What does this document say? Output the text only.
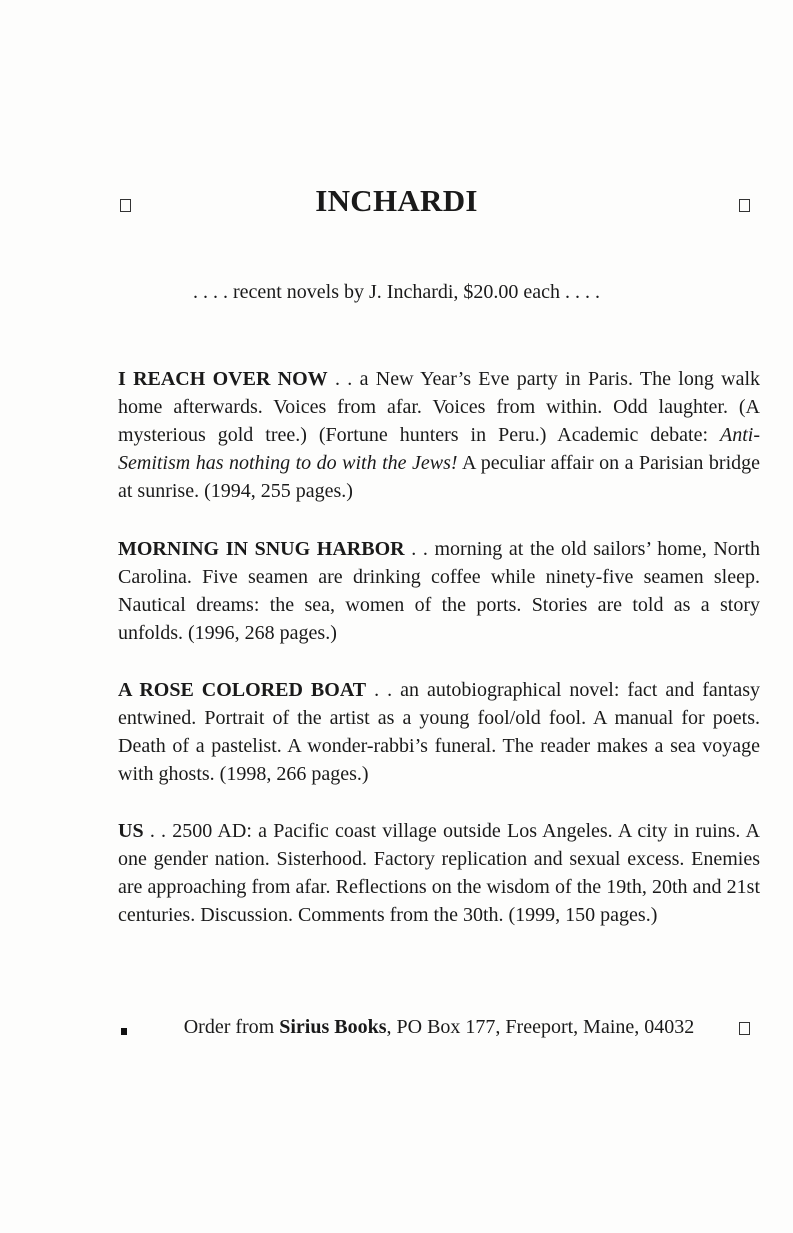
INCHARDI

. . . . recent novels by J. Inchardi, $20.00 each . . . .

I REACH OVER NOW . . a New Year’s Eve party in Paris. The long walk home afterwards. Voices from afar. Voices from within. Odd laughter. (A mysterious gold tree.) (Fortune hunters in Peru.) Academic debate: Anti-Semitism has nothing to do with the Jews! A peculiar affair on a Parisian bridge at sunrise. (1994, 255 pages.)

MORNING IN SNUG HARBOR . . morning at the old sailors’ home, North Carolina. Five seamen are drinking coffee while ninety-five seamen sleep. Nautical dreams: the sea, women of the ports. Stories are told as a story unfolds. (1996, 268 pages.)

A ROSE COLORED BOAT . . an autobiographical novel: fact and fantasy entwined. Portrait of the artist as a young fool/old fool. A manual for poets. Death of a pastelist. A wonder-rabbi’s funeral. The reader makes a sea voyage with ghosts. (1998, 266 pages.)

US . . 2500 AD: a Pacific coast village outside Los Angeles. A city in ruins. A one gender nation. Sisterhood. Factory replication and sexual excess. Enemies are approaching from afar. Reflections on the wisdom of the 19th, 20th and 21st centuries. Discussion. Comments from the 30th. (1999, 150 pages.)

Order from Sirius Books, PO Box 177, Freeport, Maine, 04032
